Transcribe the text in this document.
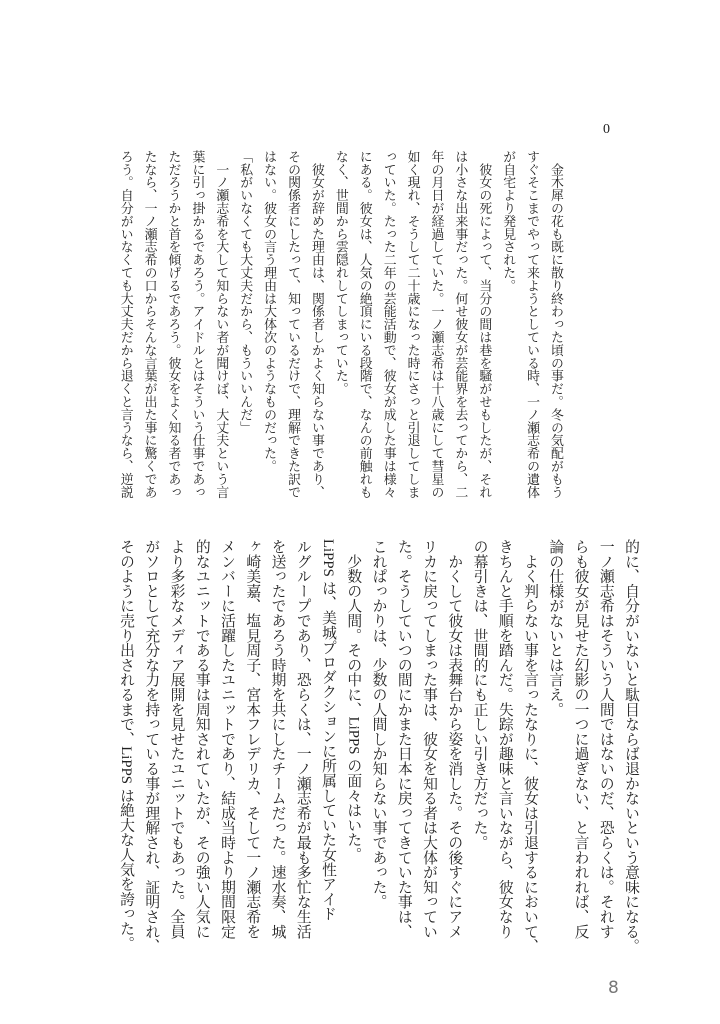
0
　金木犀の花も既に散り終わった頃の事だ。冬の気配がもう
すぐそこまでやって来ようとしている時、一ノ瀬志希の遺体
が自宅より発見された。
　彼女の死によって、当分の間は巷を騒がせもしたが、それ
は小さな出来事だった。何せ彼女が芸能界を去ってから、二
年の月日が経過していた。一ノ瀬志希は十八歳にして彗星の
如く現れ、そうして二十歳になった時にさっと引退してしま
っていた。たった二年の芸能活動で、彼女が成した事は様々
にある。彼女は、人気の絶頂にいる段階で、なんの前触れも
なく、世間から雲隠れしてしまっていた。
　彼女が辞めた理由は、関係者しかよく知らない事であり、
その関係者にしたって、知っているだけで、理解できた訳で
はない。彼女の言う理由は大体次のようなものだった。
「私がいなくても大丈夫だから、もういいんだ」
　一ノ瀬志希を大して知らない者が聞けば、大丈夫という言
葉に引っ掛かるであろう。アイドルとはそういう仕事であっ
ただろうかと首を傾げるであろう。彼女をよく知る者であっ
たなら、一ノ瀬志希の口からそんな言葉が出た事に驚くであ
ろう。自分がいなくても大丈夫だから退くと言うなら、逆説
的に、自分がいないと駄目ならば退かないという意味になる。
一ノ瀬志希はそういう人間ではないのだ、恐らくは。それす
らも彼女が見せた幻影の一つに過ぎない、と言われれば、反
論の仕様がないとは言え。
　よく判らない事を言ったなりに、彼女は引退するにおいて、
きちんと手順を踏んだ。失踪が趣味と言いながら、彼女なり
の幕引きは、世間的にも正しい引き方だった。
　かくして彼女は表舞台から姿を消した。その後すぐにアメ
リカに戻ってしまった事は、彼女を知る者は大体が知ってい
た。そうしていつの間にかまた日本に戻ってきていた事は、
これぱっかりは、少数の人間しか知らない事であった。
　少数の人間。その中に、LiPPS の面々はいた。
LiPPS は、美城プロダクションに所属していた女性アイド
ルグループであり、恐らくは、一ノ瀬志希が最も多忙な生活
を送ったであろう時期を共にしたチームだった。速水奏、城
ヶ崎美嘉、塩見周子、宮本フレデリカ、そして一ノ瀬志希を
メンバーに活躍したユニットであり、結成当時より期間限定
的なユニットである事は周知されていたが、その強い人気に
より多彩なメディア展開を見せたユニットでもあった。全員
がソロとして充分な力を持っている事が理解され、証明され、
そのように売り出されるまで、LiPPS は絶大な人気を誇った。
8
